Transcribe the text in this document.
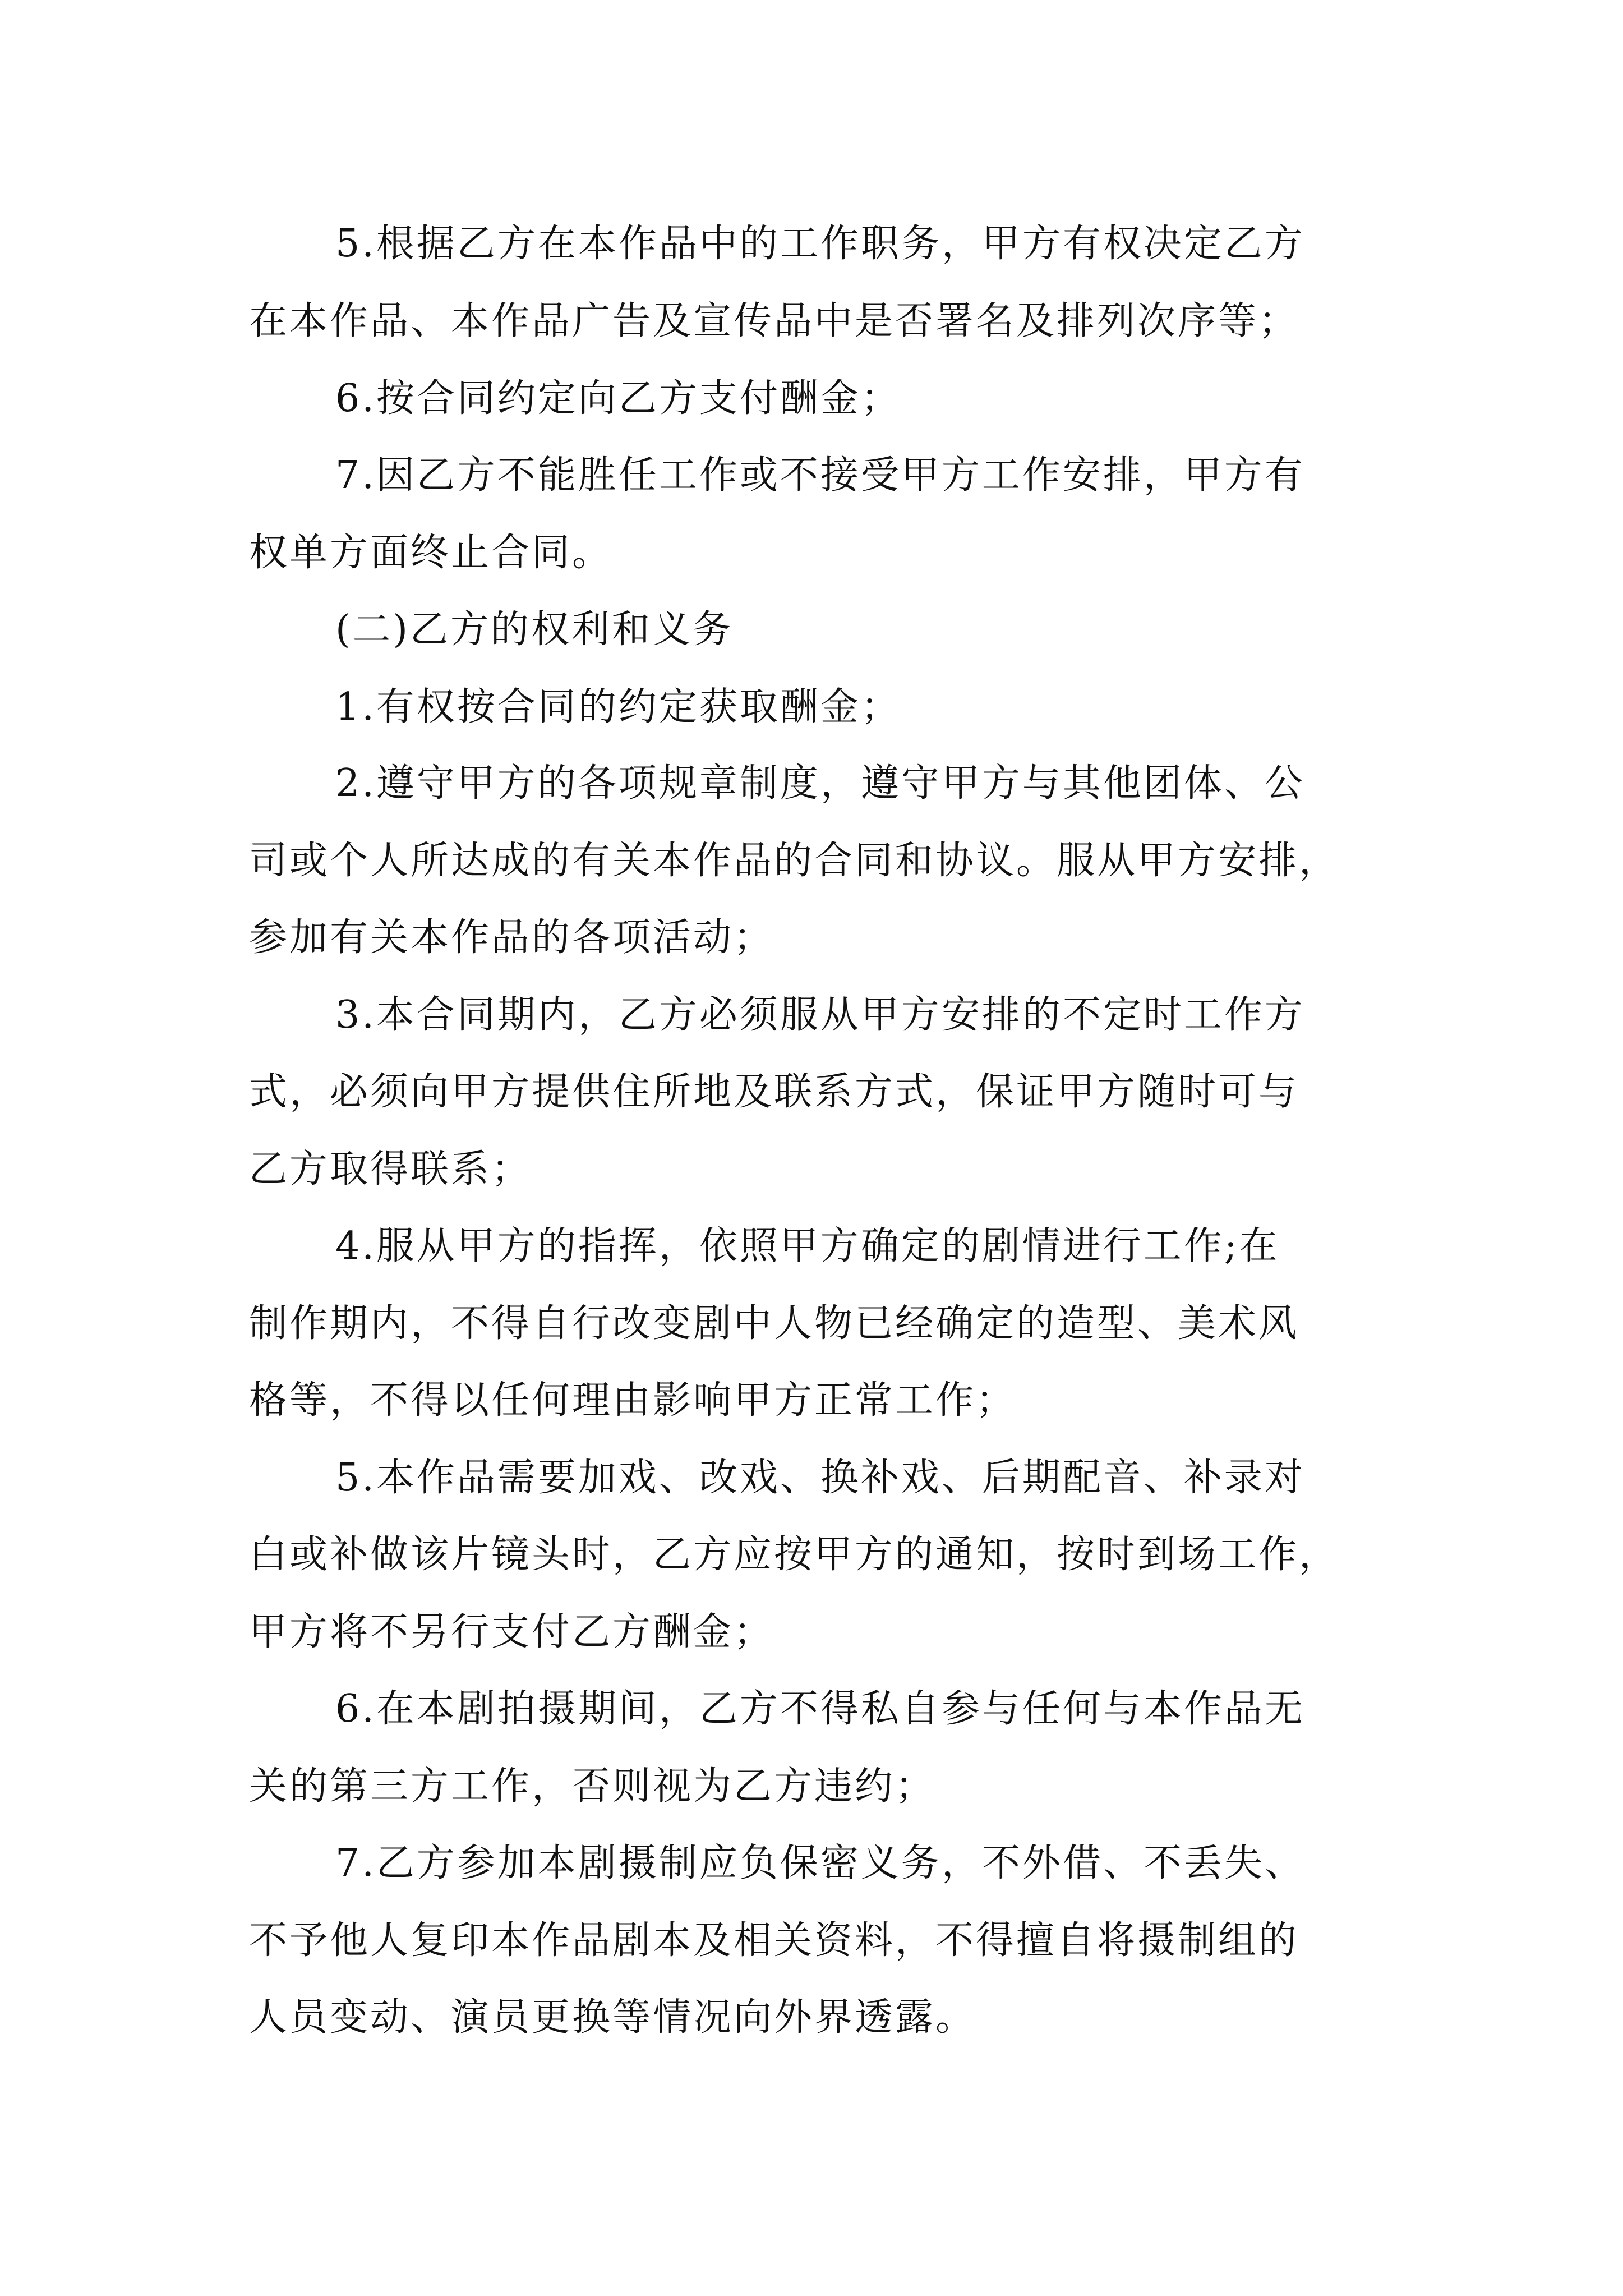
5.根据乙方在本作品中的工作职务，甲方有权决定乙方
在本作品、本作品广告及宣传品中是否署名及排列次序等；
6.按合同约定向乙方支付酬金；
7.因乙方不能胜任工作或不接受甲方工作安排，甲方有
权单方面终止合同。
(二)乙方的权利和义务
1.有权按合同的约定获取酬金；
2.遵守甲方的各项规章制度，遵守甲方与其他团体、公
司或个人所达成的有关本作品的合同和协议。服从甲方安排，
参加有关本作品的各项活动；
3.本合同期内，乙方必须服从甲方安排的不定时工作方
式，必须向甲方提供住所地及联系方式，保证甲方随时可与
乙方取得联系；
4.服从甲方的指挥，依照甲方确定的剧情进行工作;在
制作期内，不得自行改变剧中人物已经确定的造型、美术风
格等，不得以任何理由影响甲方正常工作；
5.本作品需要加戏、改戏、换补戏、后期配音、补录对
白或补做该片镜头时，乙方应按甲方的通知，按时到场工作，
甲方将不另行支付乙方酬金；
6.在本剧拍摄期间，乙方不得私自参与任何与本作品无
关的第三方工作，否则视为乙方违约；
7.乙方参加本剧摄制应负保密义务，不外借、不丢失、
不予他人复印本作品剧本及相关资料，不得擅自将摄制组的
人员变动、演员更换等情况向外界透露。
